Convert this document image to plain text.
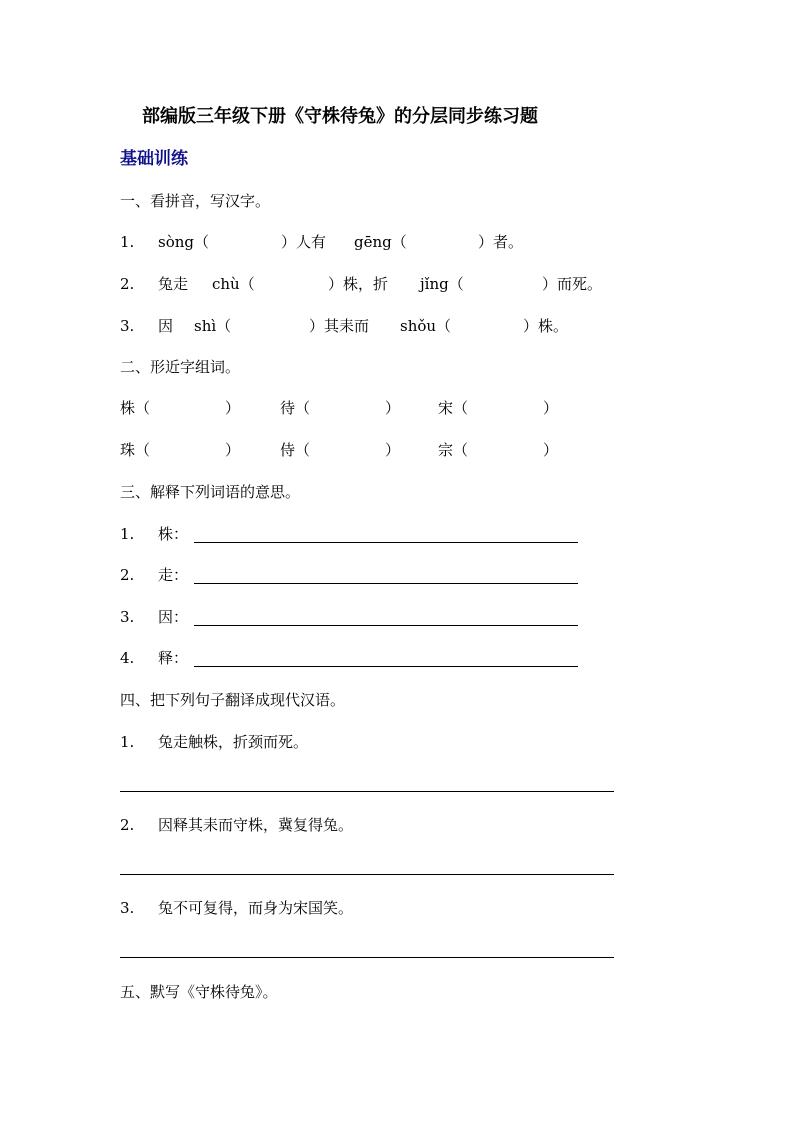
部编版三年级下册《守株待兔》的分层同步练习题
基础训练
一、看拼音，写汉字。
1. sòng（	）人有 gēng（	）者。
2. 兔走 chù（	）株，折 jǐng（	）而死。
3. 因 shì（	）其耒而 shǒu（	）株。
二、形近字组词。
株（	）	待（	）	宋（	）
珠（	）	侍（	）	宗（	）
三、解释下列词语的意思。
1. 株：
2. 走：
3. 因：
4. 释：
四、把下列句子翻译成现代汉语。
1. 兔走触株，折颈而死。
2. 因释其耒而守株，冀复得兔。
3. 兔不可复得，而身为宋国笑。
五、默写《守株待兔》。
